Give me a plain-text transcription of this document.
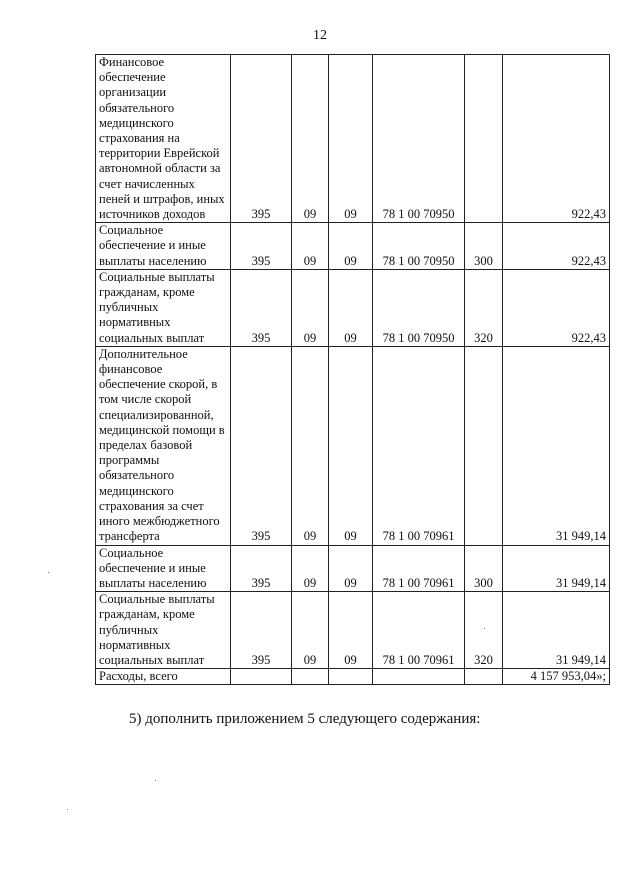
12
Финансовое обеспечение организации обязательного медицинского страхования на территории Еврейской автономной области за счет начисленных пеней и штрафов, иных источников доходов	395	09	09	78 1 00 70950		922,43
Социальное обеспечение и иные выплаты населению	395	09	09	78 1 00 70950	300	922,43
Социальные выплаты гражданам, кроме публичных нормативных социальных выплат	395	09	09	78 1 00 70950	320	922,43
Дополнительное финансовое обеспечение скорой, в том числе скорой специализированной, медицинской помощи в пределах базовой программы обязательного медицинского страхования за счет иного межбюджетного трансферта	395	09	09	78 1 00 70961		31 949,14
Социальное обеспечение и иные выплаты населению	395	09	09	78 1 00 70961	300	31 949,14
Социальные выплаты гражданам, кроме публичных нормативных социальных выплат	395	09	09	78 1 00 70961	320	31 949,14
Расходы, всего						4 157 953,04»;
5) дополнить приложением 5 следующего содержания:
